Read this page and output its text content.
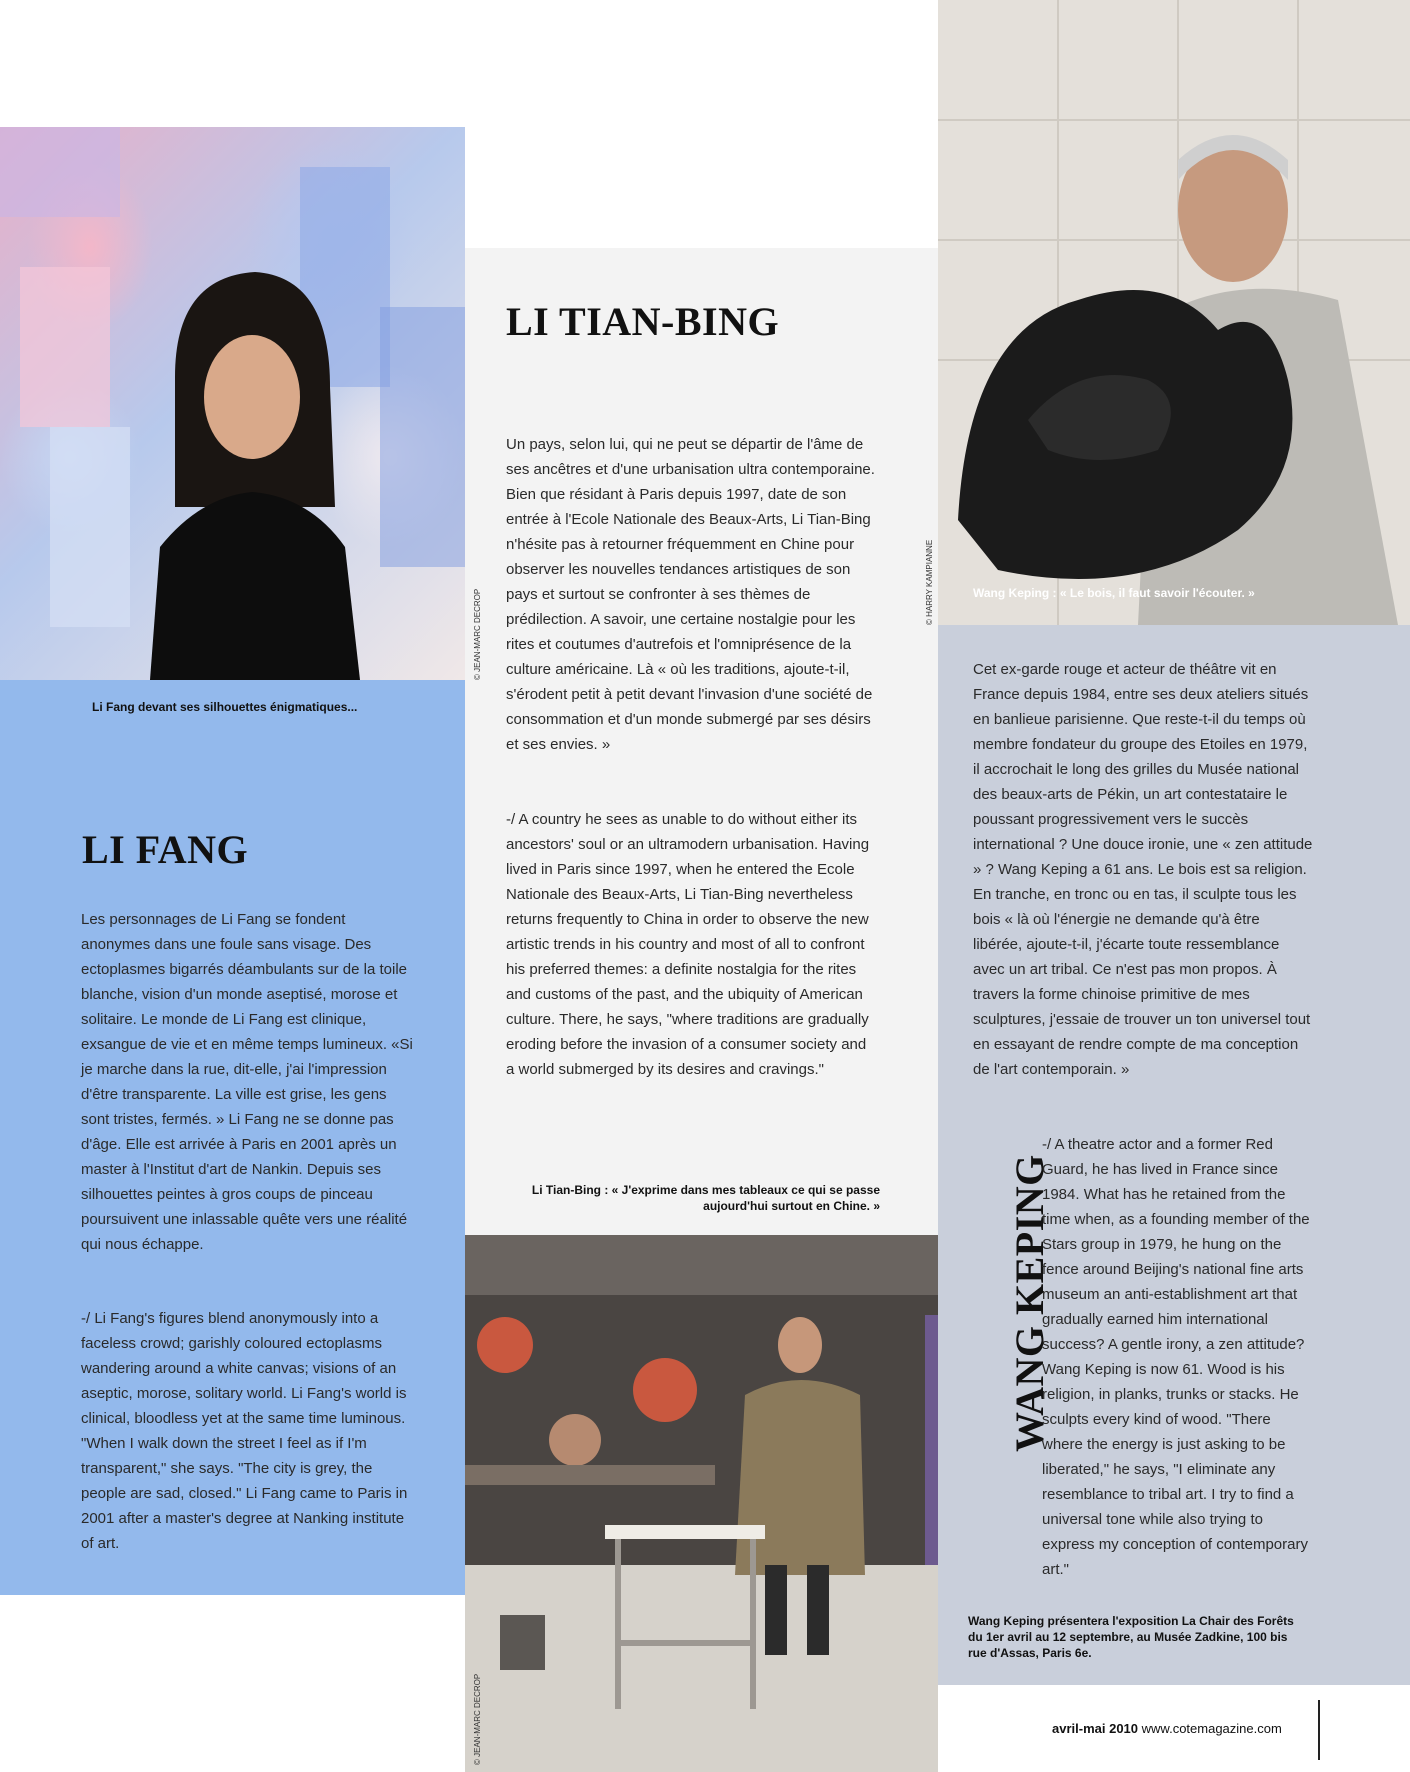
© JEAN-MARC DECROP

Li Fang devant ses silhouettes énigmatiques...

© HARRY KAMPIANNE	Wang Keping : « Le bois, il faut savoir l'écouter. »

© JEAN-MARC DECROP

Li Tian-Bing : « J'exprime dans mes tableaux ce qui se passe aujourd'hui surtout en Chine. »

LI TIAN-BING
LI FANG
WANG KEPING

Un pays, selon lui, qui ne peut se départir de l'âme de ses ancêtres et d'une urbanisation ultra contemporaine. Bien que résidant à Paris depuis 1997, date de son entrée à l'Ecole Nationale des Beaux-Arts, Li Tian-Bing n'hésite pas à retourner fréquemment en Chine pour observer les nouvelles tendances artistiques de son pays et surtout se confronter à ses thèmes de prédilection. A savoir, une certaine nostalgie pour les rites et coutumes d'autrefois et l'omniprésence de la culture américaine. Là « où les traditions, ajoute-t-il, s'érodent petit à petit devant l'invasion d'une société de consommation et d'un monde submergé par ses désirs et ses envies. »

-/ A country he sees as unable to do without either its ancestors' soul or an ultramodern urbanisation. Having lived in Paris since 1997, when he entered the Ecole Nationale des Beaux-Arts, Li Tian-Bing nevertheless returns frequently to China in order to observe the new artistic trends in his country and most of all to confront his preferred themes: a definite nostalgia for the rites and customs of the past, and the ubiquity of American culture. There, he says, "where traditions are gradually eroding before the invasion of a consumer society and a world submerged by its desires and cravings."

Les personnages de Li Fang se fondent anonymes dans une foule sans visage. Des ectoplasmes bigarrés déambulants sur de la toile blanche, vision d'un monde aseptisé, morose et solitaire. Le monde de Li Fang est clinique, exsangue de vie et en même temps lumineux. «Si je marche dans la rue, dit-elle, j'ai l'impression d'être transparente. La ville est grise, les gens sont tristes, fermés. » Li Fang ne se donne pas d'âge. Elle est arrivée à Paris en 2001 après un master à l'Institut d'art de Nankin. Depuis ses silhouettes peintes à gros coups de pinceau poursuivent une inlassable quête vers une réalité qui nous échappe.

-/ Li Fang's figures blend anonymously into a faceless crowd; garishly coloured ectoplasms wandering around a white canvas; visions of an aseptic, morose, solitary world. Li Fang's world is clinical, bloodless yet at the same time luminous. "When I walk down the street I feel as if I'm transparent," she says. "The city is grey, the people are sad, closed." Li Fang came to Paris in 2001 after a master's degree at Nanking institute of art.

Cet ex-garde rouge et acteur de théâtre vit en France depuis 1984, entre ses deux ateliers situés en banlieue parisienne. Que reste-t-il du temps où membre fondateur du groupe des Etoiles en 1979, il accrochait le long des grilles du Musée national des beaux-arts de Pékin, un art contestataire le poussant progressivement vers le succès international ? Une douce ironie, une « zen attitude » ? Wang Keping a 61 ans. Le bois est sa religion. En tranche, en tronc ou en tas, il sculpte tous les bois « là où l'énergie ne demande qu'à être libérée, ajoute-t-il, j'écarte toute ressemblance avec un art tribal. Ce n'est pas mon propos. À travers la forme chinoise primitive de mes sculptures, j'essaie de trouver un ton universel tout en essayant de rendre compte de ma conception de l'art contemporain. »

-/ A theatre actor and a former Red Guard, he has lived in France since 1984. What has he retained from the time when, as a founding member of the Stars group in 1979, he hung on the fence around Beijing's national fine arts museum an anti-establishment art that gradually earned him international success? A gentle irony, a zen attitude? Wang Keping is now 61. Wood is his religion, in planks, trunks or stacks. He sculpts every kind of wood. "There where the energy is just asking to be liberated," he says, "I eliminate any resemblance to tribal art. I try to find a universal tone while also trying to express my conception of contemporary art."

Wang Keping présentera l'exposition La Chair des Forêts du 1er avril au 12 septembre, au Musée Zadkine, 100 bis rue d'Assas, Paris 6e.

avril-mai 2010 www.cotemagazine.com
